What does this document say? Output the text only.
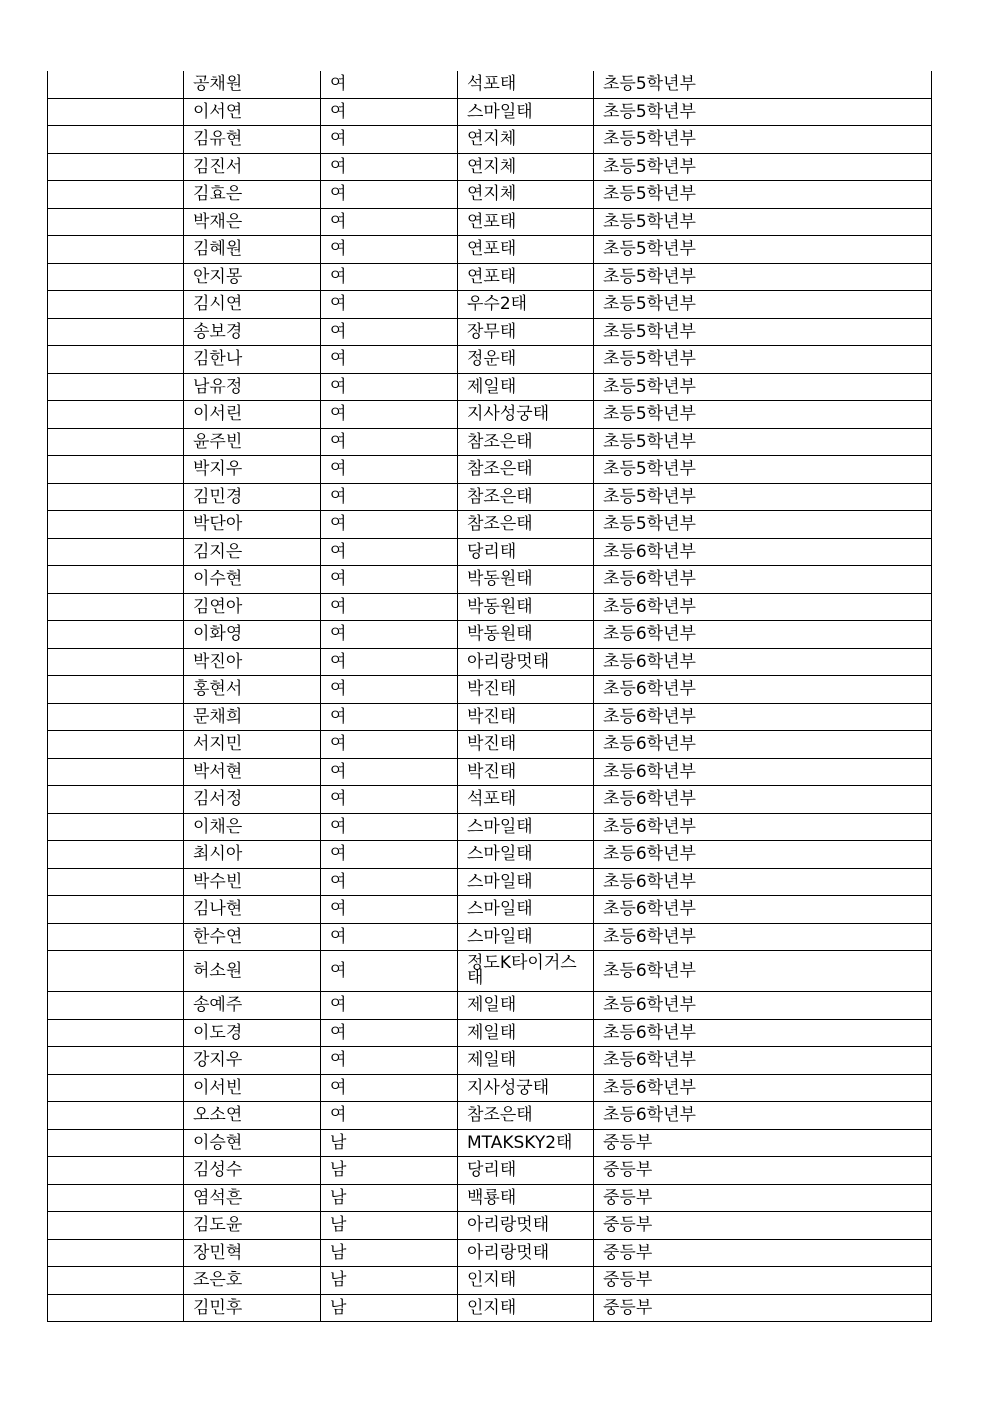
	공채원	여	석포태	초등5학년부
	이서연	여	스마일태	초등5학년부
	김유현	여	연지체	초등5학년부
	김진서	여	연지체	초등5학년부
	김효은	여	연지체	초등5학년부
	박재은	여	연포태	초등5학년부
	김혜원	여	연포태	초등5학년부
	안지몽	여	연포태	초등5학년부
	김시연	여	우수2태	초등5학년부
	송보경	여	장무태	초등5학년부
	김한나	여	정운태	초등5학년부
	남유정	여	제일태	초등5학년부
	이서린	여	지사성궁태	초등5학년부
	윤주빈	여	참조은태	초등5학년부
	박지우	여	참조은태	초등5학년부
	김민경	여	참조은태	초등5학년부
	박단아	여	참조은태	초등5학년부
	김지은	여	당리태	초등6학년부
	이수현	여	박동원태	초등6학년부
	김연아	여	박동원태	초등6학년부
	이화영	여	박동원태	초등6학년부
	박진아	여	아리랑멋태	초등6학년부
	홍현서	여	박진태	초등6학년부
	문채희	여	박진태	초등6학년부
	서지민	여	박진태	초등6학년부
	박서현	여	박진태	초등6학년부
	김서정	여	석포태	초등6학년부
	이채은	여	스마일태	초등6학년부
	최시아	여	스마일태	초등6학년부
	박수빈	여	스마일태	초등6학년부
	김나현	여	스마일태	초등6학년부
	한수연	여	스마일태	초등6학년부
	허소원	여	정도K타이거스태	초등6학년부
	송예주	여	제일태	초등6학년부
	이도경	여	제일태	초등6학년부
	강지우	여	제일태	초등6학년부
	이서빈	여	지사성궁태	초등6학년부
	오소연	여	참조은태	초등6학년부
	이승현	남	MTAKSKY2태	중등부
	김성수	남	당리태	중등부
	염석흔	남	백룡태	중등부
	김도윤	남	아리랑멋태	중등부
	장민혁	남	아리랑멋태	중등부
	조은호	남	인지태	중등부
	김민후	남	인지태	중등부
